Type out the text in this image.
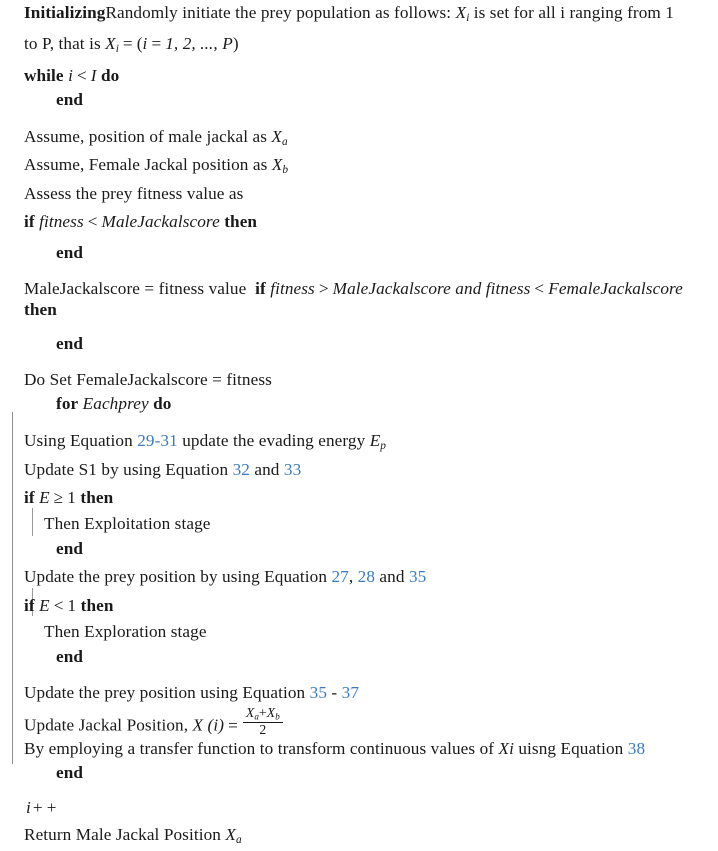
InitializingRandomly initiate the prey population as follows: $X_i$ is set for all i ranging from 1
to P, that is $X_i = (i = 1$, 2, ..., P)
while i < I do
end
Assume, position of male jackal as $X_a$
Assume, Female Jackal position as $X_b$
Assess the prey fitness value as
if fitness < MaleJackalscore then
end
MaleJackalscore = fitness value if fitness > MaleJackalscore and fitness < FemaleJackalscore
then
end
Do Set FemaleJackalscore = fitness
for Eachprey do
Using Equation 29-31 update the evading energy $E_p$
Update S1 by using Equation 32 and 33
if E ≥ 1 then
Then Exploitation stage
end
Update the prey position by using Equation 27, 28 and 35
if E < 1 then
Then Exploration stage
end
Update the prey position using Equation 35 - 37
Update Jackal Position, X $(i) = \frac{X_a+X_b}{2}$
By employing a transfer function to transform continuous values of Xi uisng Equation 38
end
i + +
Return Male Jackal Position $X_a$
